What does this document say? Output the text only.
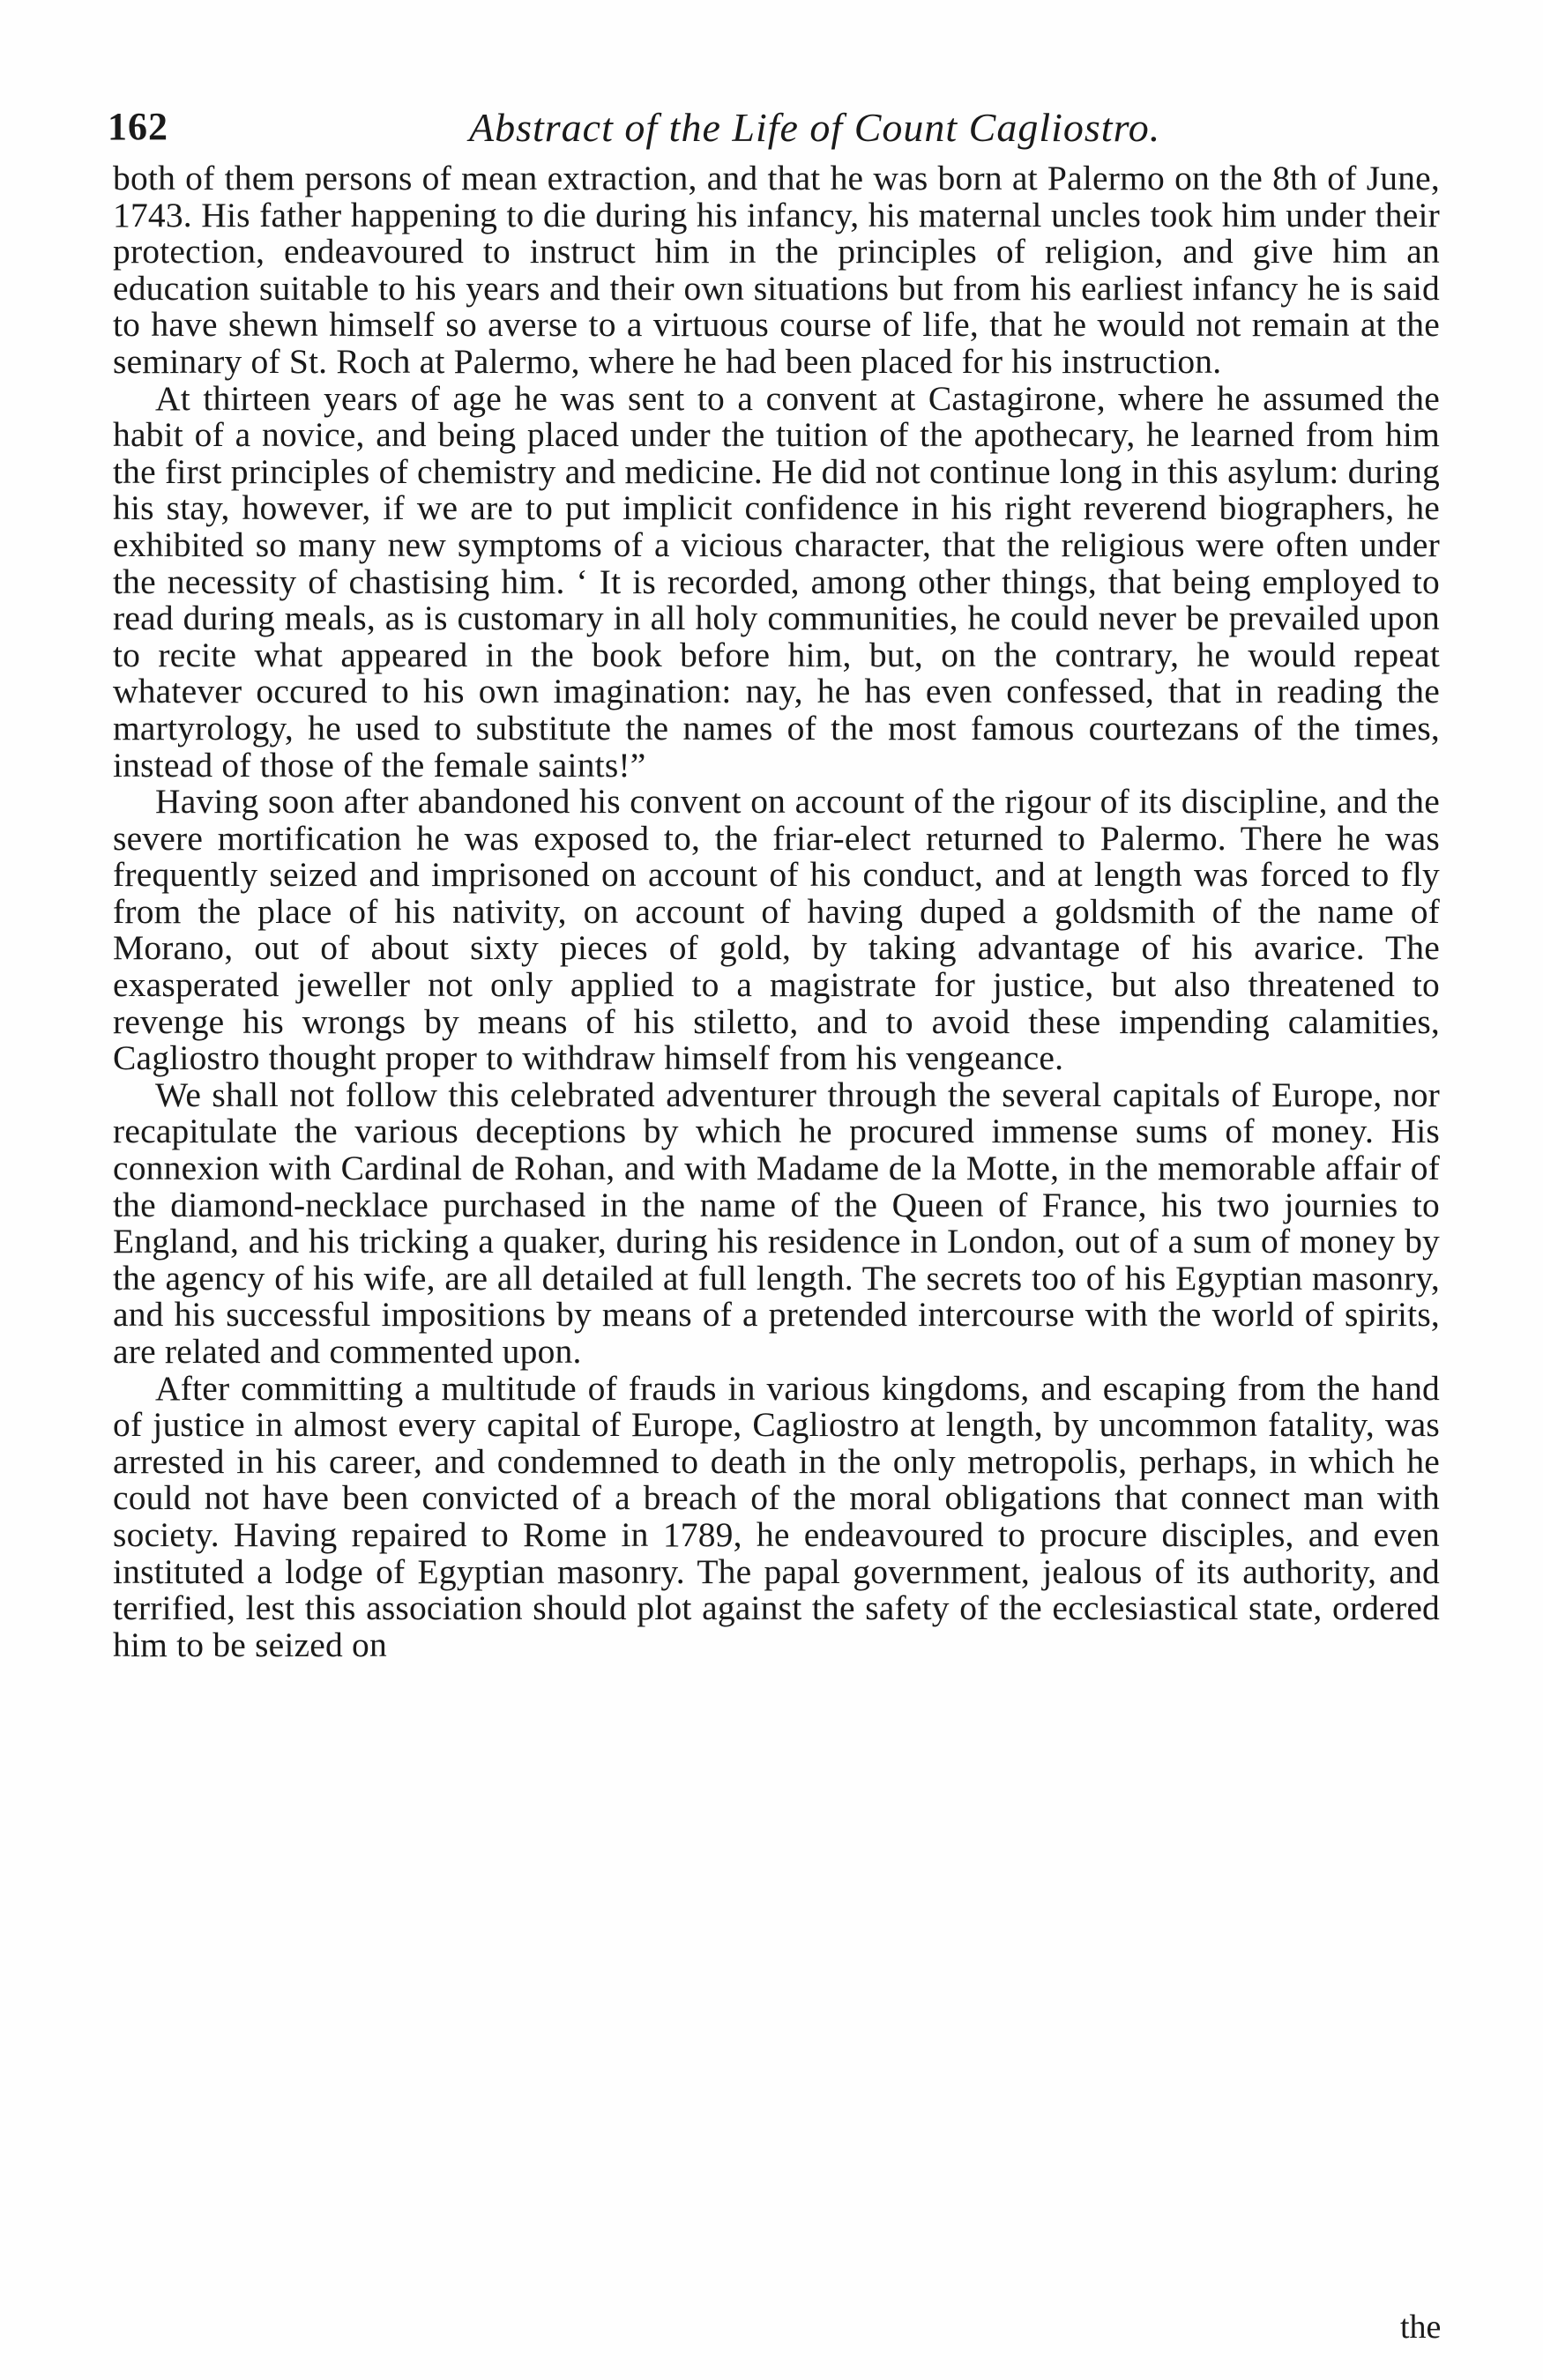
162	Abstract of the Life of Count Cagliostro.

both of them persons of mean extraction, and that he was born at Palermo on the 8th of June, 1743. His father happening to die during his infancy, his maternal uncles took him under their protection, endeavoured to instruct him in the principles of religion, and give him an education suitable to his years and their own situations but from his earliest infancy he is said to have shewn himself so averse to a virtuous course of life, that he would not remain at the seminary of St. Roch at Palermo, where he had been placed for his instruction.

At thirteen years of age he was sent to a convent at Castagirone, where he assumed the habit of a novice, and being placed under the tuition of the apothecary, he learned from him the first principles of chemistry and medicine. He did not continue long in this asylum: during his stay, however, if we are to put implicit confidence in his right reverend biographers, he exhibited so many new symptoms of a vicious character, that the religious were often under the necessity of chastising him. ‘ It is recorded, among other things, that being employed to read during meals, as is customary in all holy communities, he could never be prevailed upon to recite what appeared in the book before him, but, on the contrary, he would repeat whatever occured to his own imagination: nay, he has even confessed, that in reading the martyrology, he used to substitute the names of the most famous courtezans of the times, instead of those of the female saints!”

Having soon after abandoned his convent on account of the rigour of its discipline, and the severe mortification he was exposed to, the friar-elect returned to Palermo. There he was frequently seized and imprisoned on account of his conduct, and at length was forced to fly from the place of his nativity, on account of having duped a goldsmith of the name of Morano, out of about sixty pieces of gold, by taking advantage of his avarice. The exasperated jeweller not only applied to a magistrate for justice, but also threatened to revenge his wrongs by means of his stiletto, and to avoid these impending calamities, Cagliostro thought proper to withdraw himself from his vengeance.

We shall not follow this celebrated adventurer through the several capitals of Europe, nor recapitulate the various deceptions by which he procured immense sums of money. His connexion with Cardinal de Rohan, and with Madame de la Motte, in the memorable affair of the diamond-necklace purchased in the name of the Queen of France, his two journies to England, and his tricking a quaker, during his residence in London, out of a sum of money by the agency of his wife, are all detailed at full length. The secrets too of his Egyptian masonry, and his successful impositions by means of a pretended intercourse with the world of spirits, are related and commented upon.

After committing a multitude of frauds in various kingdoms, and escaping from the hand of justice in almost every capital of Europe, Cagliostro at length, by uncommon fatality, was arrested in his career, and condemned to death in the only metropolis, perhaps, in which he could not have been convicted of a breach of the moral obligations that connect man with society. Having repaired to Rome in 1789, he endeavoured to procure disciples, and even instituted a lodge of Egyptian masonry. The papal government, jealous of its authority, and terrified, lest this association should plot against the safety of the ecclesiastical state, ordered him to be seized on

the
